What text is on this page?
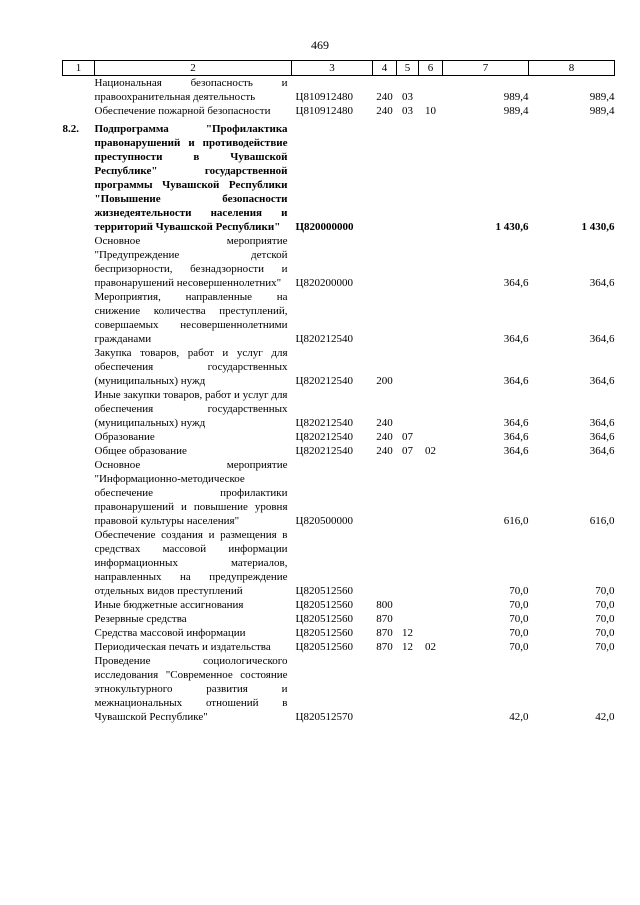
469
1	2	3	4	5	6	7	8
	Национальная безопасность и правоохранительная деятельность	Ц810912480	240	03		989,4	989,4
	Обеспечение пожарной безопасности	Ц810912480	240	03	10	989,4	989,4

8.2.	Подпрограмма "Профилактика правонарушений и противодействие преступности в Чувашской Республике" государственной программы Чувашской Республики "Повышение безопасности жизнедеятельности населения и территорий Чувашской Республики"	Ц820000000				1 430,6	1 430,6
	Основное мероприятие "Предупреждение детской беспризорности, безнадзорности и правонарушений несовершеннолетних"	Ц820200000				364,6	364,6
	Мероприятия, направленные на снижение количества преступлений, совершаемых несовершеннолетними гражданами	Ц820212540				364,6	364,6
	Закупка товаров, работ и услуг для обеспечения государственных (муниципальных) нужд	Ц820212540	200			364,6	364,6
	Иные закупки товаров, работ и услуг для обеспечения государственных (муниципальных) нужд	Ц820212540	240			364,6	364,6
	Образование	Ц820212540	240	07		364,6	364,6
	Общее образование	Ц820212540	240	07	02	364,6	364,6
	Основное мероприятие "Информационно-методическое обеспечение профилактики правонарушений и повышение уровня правовой культуры населения"	Ц820500000				616,0	616,0
	Обеспечение создания и размещения в средствах массовой информации информационных материалов, направленных на предупреждение отдельных видов преступлений	Ц820512560				70,0	70,0
	Иные бюджетные ассигнования	Ц820512560	800			70,0	70,0
	Резервные средства	Ц820512560	870			70,0	70,0
	Средства массовой информации	Ц820512560	870	12		70,0	70,0
	Периодическая печать и издательства	Ц820512560	870	12	02	70,0	70,0
	Проведение социологического исследования "Современное состояние этнокультурного развития и межнациональных отношений в Чувашской Республике"	Ц820512570				42,0	42,0
